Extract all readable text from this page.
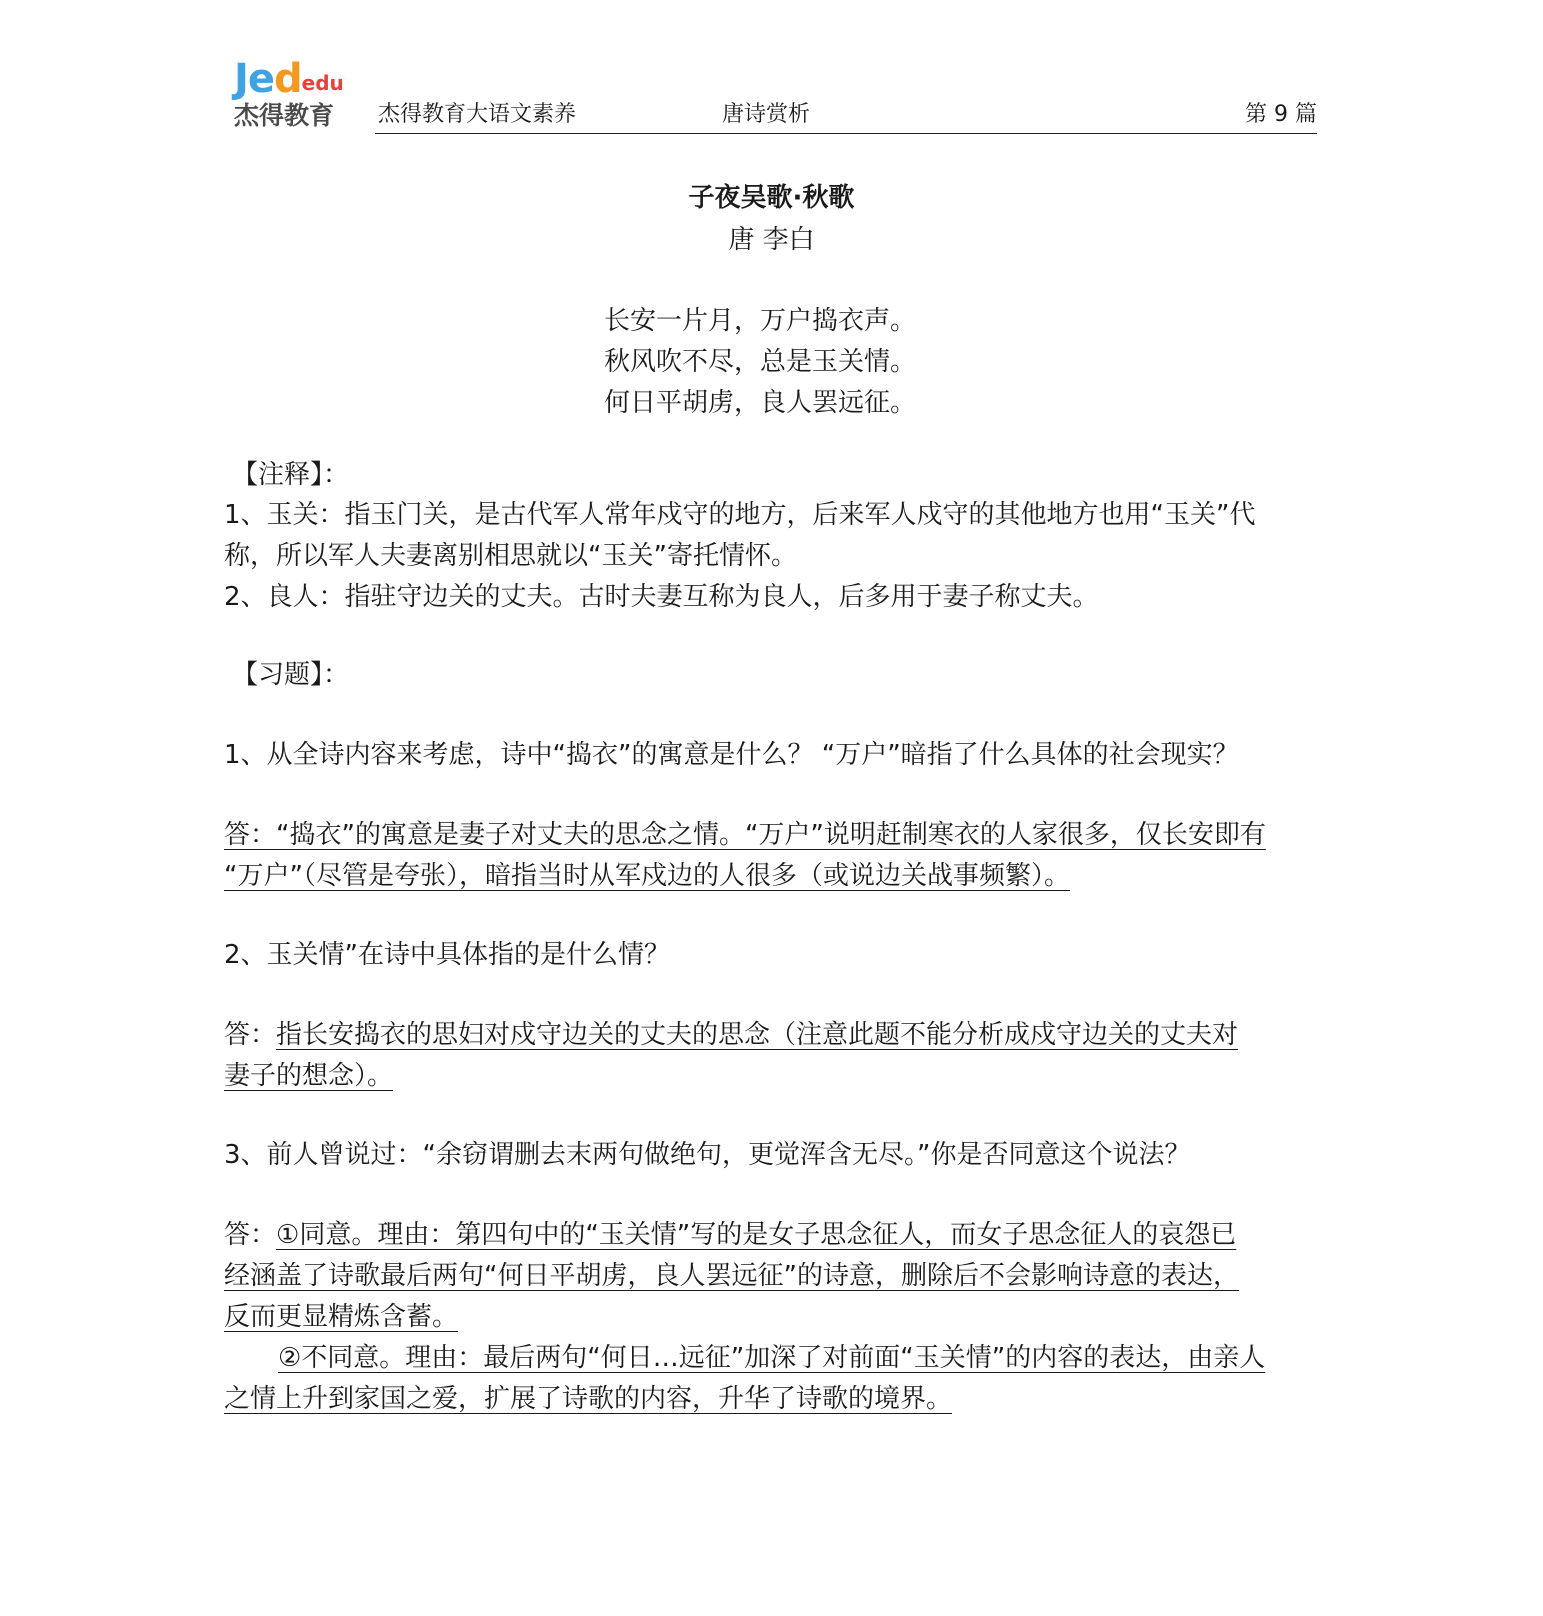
Jededu
杰得教育 杰得教育大语文素养	唐诗赏析	第 9 篇
子夜吴歌·秋歌
唐 李白
长安一片月，万户捣衣声。
秋风吹不尽，总是玉关情。
何日平胡虏，良人罢远征。
【注释】：
1、玉关：指玉门关，是古代军人常年戍守的地方，后来军人戍守的其他地方也用“玉关”代
称，所以军人夫妻离别相思就以“玉关”寄托情怀。
2、良人：指驻守边关的丈夫。古时夫妻互称为良人，后多用于妻子称丈夫。
【习题】：
1、从全诗内容来考虑，诗中“捣衣”的寓意是什么？ “万户”暗指了什么具体的社会现实？
答：“捣衣”的寓意是妻子对丈夫的思念之情。“万户”说明赶制寒衣的人家很多，仅长安即有
“万户”（尽管是夸张），暗指当时从军戍边的人很多（或说边关战事频繁）。
2、玉关情”在诗中具体指的是什么情？
答：指长安捣衣的思妇对戍守边关的丈夫的思念（注意此题不能分析成戍守边关的丈夫对
妻子的想念）。
3、前人曾说过：“余窃谓删去末两句做绝句，更觉浑含无尽。”你是否同意这个说法？
答：①同意。理由：第四句中的“玉关情”写的是女子思念征人，而女子思念征人的哀怨已
经涵盖了诗歌最后两句“何日平胡虏，良人罢远征”的诗意，删除后不会影响诗意的表达，
反而更显精炼含蓄。
②不同意。理由：最后两句“何日…远征”加深了对前面“玉关情”的内容的表达，由亲人
之情上升到家国之爱，扩展了诗歌的内容，升华了诗歌的境界。
